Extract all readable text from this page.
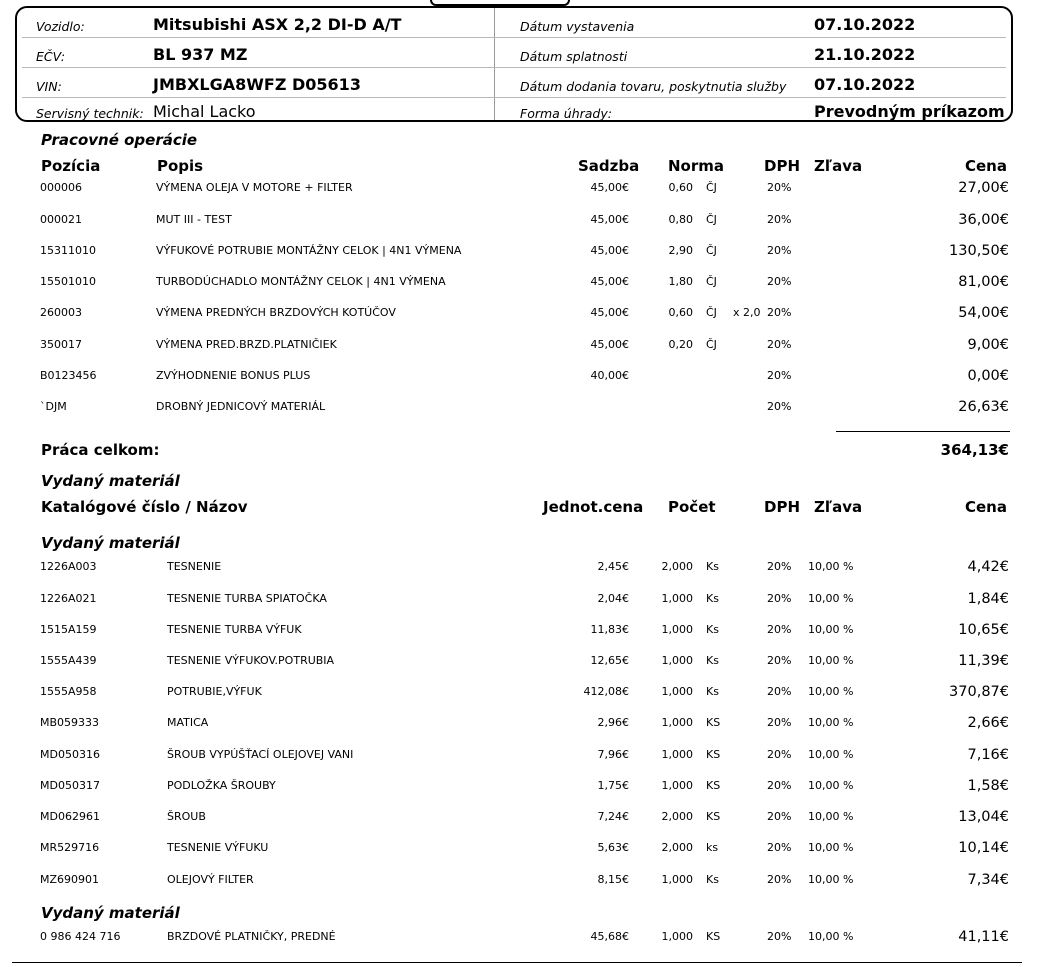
Vozidlo:	Mitsubishi ASX 2,2 DI-D A/T
EČV:	BL 937 MZ
VIN:	JMBXLGA8WFZ D05613
Servisný technik: Michal Lacko
Dátum vystavenia	07.10.2022
Dátum splatnosti	21.10.2022
Dátum dodania tovaru, poskytnutia služby 07.10.2022
Forma úhrady:	Prevodným príkazom
Pracovné operácie
Pozícia	Popis	Sadzba Norma	DPH Zľava	Cena
000006	VÝMENA OLEJA V MOTORE + FILTER	45,00€	0,60 ČJ	20%	27,00€
000021	MUT III - TEST	45,00€	0,80 ČJ	20%	36,00€
15311010	VÝFUKOVÉ POTRUBIE MONTÁŽNY CELOK | 4N1 VÝMENA	45,00€	2,90 ČJ	20%	130,50€
15501010	TURBODÚCHADLO MONTÁŽNY CELOK | 4N1 VÝMENA	45,00€	1,80 ČJ	20%	81,00€
260003	VÝMENA PREDNÝCH BRZDOVÝCH KOTÚČOV	45,00€	0,60 ČJ x 2,0 20%	54,00€
350017	VÝMENA PRED.BRZD.PLATNIČIEK	45,00€	0,20 ČJ	20%	9,00€
B0123456	ZVÝHODNENIE BONUS PLUS	40,00€	20%	0,00€
`DJM	DROBNÝ JEDNICOVÝ MATERIÁL	20%	26,63€
Práca celkom:	364,13€
Vydaný materiál
Katalógové číslo / Názov	Jednot.cena Počet	DPH Zľava	Cena
Vydaný materiál
1226A003	TESNENIE	2,45€	2,000 Ks	20% 10,00 %	4,42€
1226A021	TESNENIE TURBA SPIATOČKA	2,04€	1,000 Ks	20% 10,00 %	1,84€
1515A159	TESNENIE TURBA VÝFUK	11,83€	1,000 Ks	20% 10,00 %	10,65€
1555A439	TESNENIE VÝFUKOV.POTRUBIA	12,65€	1,000 Ks	20% 10,00 %	11,39€
1555A958	POTRUBIE,VÝFUK	412,08€	1,000 Ks	20% 10,00 %	370,87€
MB059333	MATICA	2,96€	1,000 KS	20% 10,00 %	2,66€
MD050316	ŠROUB VYPÚŠŤACÍ OLEJOVEJ VANI	7,96€	1,000 KS	20% 10,00 %	7,16€
MD050317	PODLOŽKA ŠROUBY	1,75€	1,000 KS	20% 10,00 %	1,58€
MD062961	ŠROUB	7,24€	2,000 KS	20% 10,00 %	13,04€
MR529716	TESNENIE VÝFUKU	5,63€	2,000 ks	20% 10,00 %	10,14€
MZ690901	OLEJOVÝ FILTER	8,15€	1,000 Ks	20% 10,00 %	7,34€
Vydaný materiál
0 986 424 716	BRZDOVÉ PLATNIČKY, PREDNÉ	45,68€	1,000 KS	20% 10,00 %	41,11€
